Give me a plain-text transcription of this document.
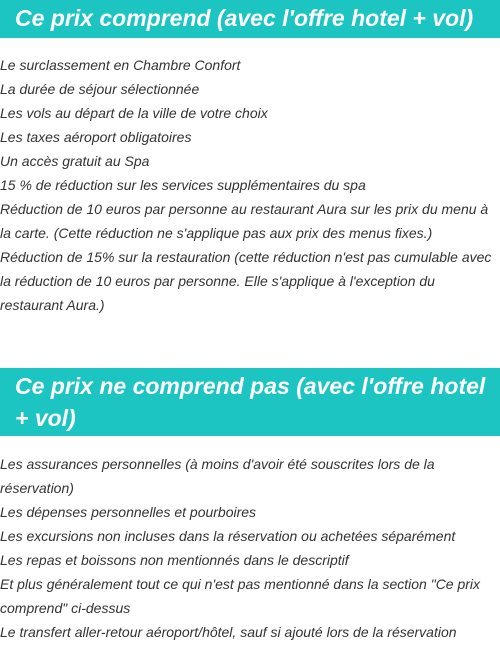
Ce prix comprend (avec l'offre hotel + vol)
Le surclassement en Chambre Confort
La durée de séjour sélectionnée
Les vols au départ de la ville de votre choix
Les taxes aéroport obligatoires
Un accès gratuit au Spa
15 % de réduction sur les services supplémentaires du spa
Réduction de 10 euros par personne au restaurant Aura sur les prix du menu à la carte. (Cette réduction ne s'applique pas aux prix des menus fixes.)
Réduction de 15% sur la restauration (cette réduction n'est pas cumulable avec la réduction de 10 euros par personne. Elle s'applique à l'exception du restaurant Aura.)
Ce prix ne comprend pas (avec l'offre hotel + vol)
Les assurances personnelles (à moins d'avoir été souscrites lors de la réservation)
Les dépenses personnelles et pourboires
Les excursions non incluses dans la réservation ou achetées séparément
Les repas et boissons non mentionnés dans le descriptif
Et plus généralement tout ce qui n'est pas mentionné dans la section "Ce prix comprend" ci-dessus
Le transfert aller-retour aéroport/hôtel, sauf si ajouté lors de la réservation
